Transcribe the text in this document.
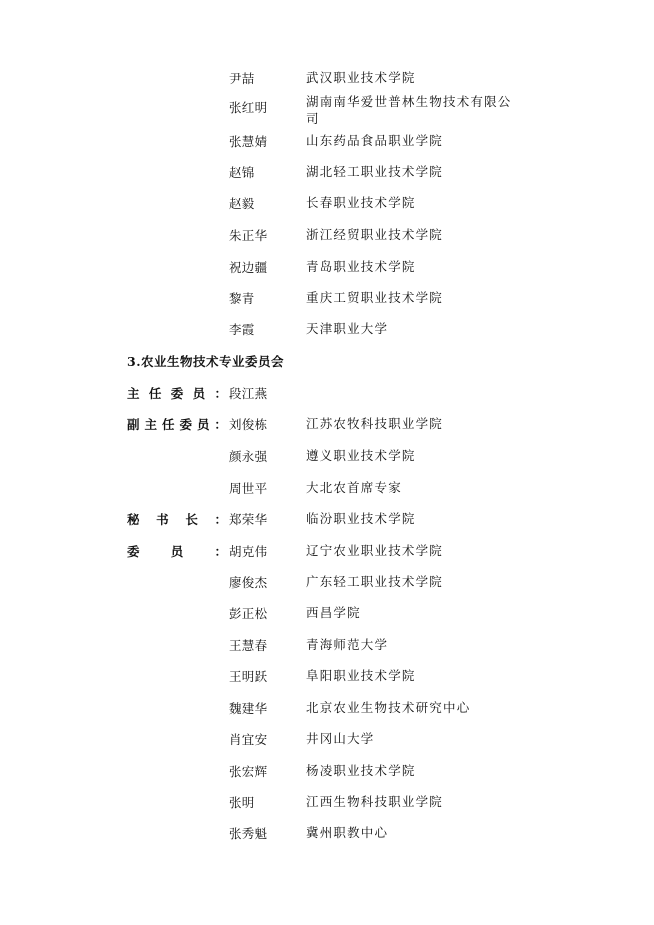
尹喆	武汉职业技术学院
张红明	湖南南华爱世普林生物技术有限公司
张慧婧	山东药品食品职业学院
赵锦	湖北轻工职业技术学院
赵毅	长春职业技术学院
朱正华	浙江经贸职业技术学院
祝边疆	青岛职业技术学院
黎青	重庆工贸职业技术学院
李霞	天津职业大学
3.农业生物技术专业委员会
主 任 委 员 ： 段江燕
副 主 任 委 员 ： 刘俊栋	江苏农牧科技职业学院
颜永强	遵义职业技术学院
周世平	大北农首席专家
秘 书 长 ： 郑荣华	临汾职业技术学院
委 员 ： 胡克伟	辽宁农业职业技术学院
廖俊杰	广东轻工职业技术学院
彭正松	西昌学院
王慧春	青海师范大学
王明跃	阜阳职业技术学院
魏建华	北京农业生物技术研究中心
肖宜安	井冈山大学
张宏辉	杨凌职业技术学院
张明	江西生物科技职业学院
张秀魁	冀州职教中心
